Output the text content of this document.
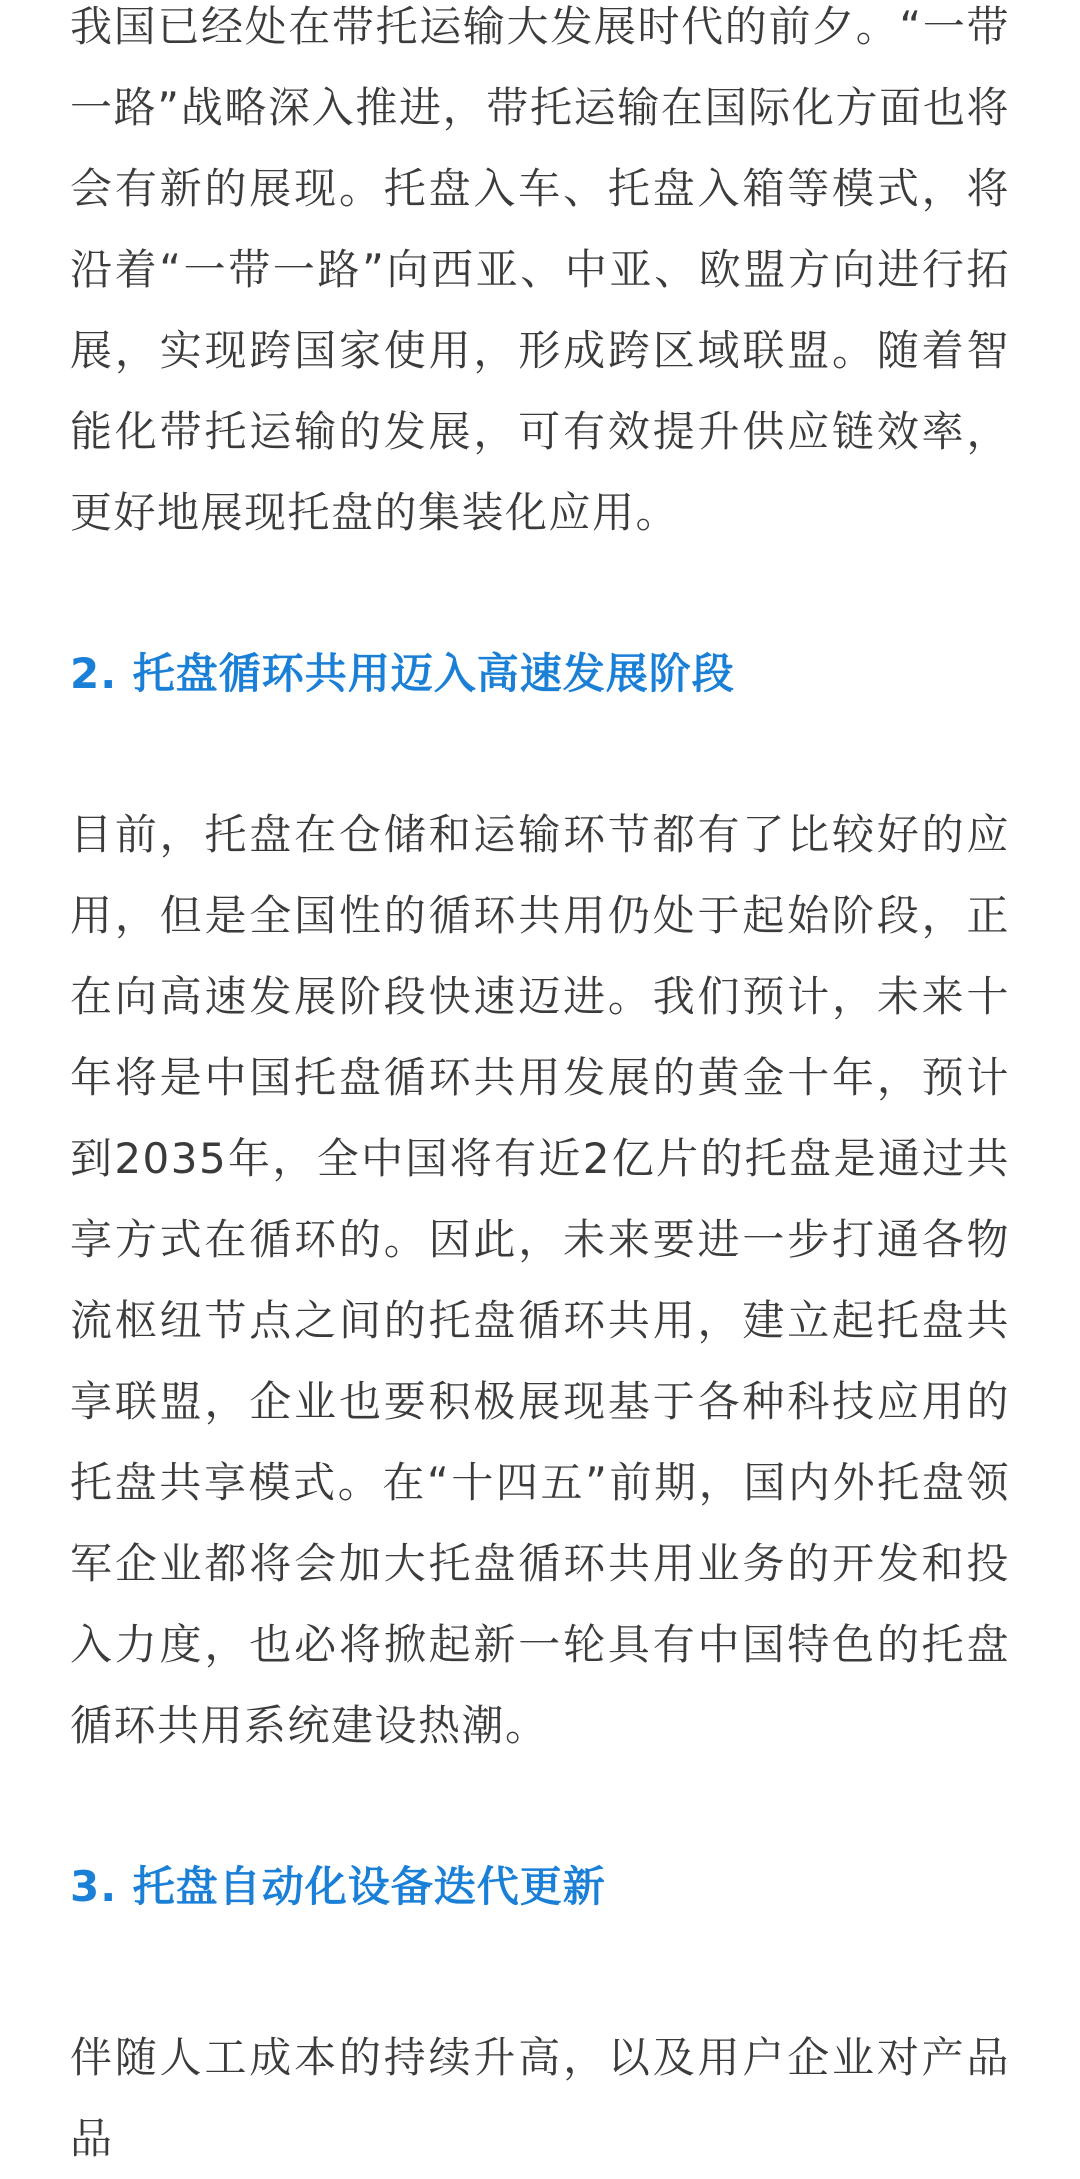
我国已经处在带托运输大发展时代的前夕。“一带一路”战略深入推进，带托运输在国际化方面也将会有新的展现。托盘入车、托盘入箱等模式，将沿着“一带一路”向西亚、中亚、欧盟方向进行拓展，实现跨国家使用，形成跨区域联盟。随着智能化带托运输的发展，可有效提升供应链效率，更好地展现托盘的集装化应用。

2. 托盘循环共用迈入高速发展阶段

目前，托盘在仓储和运输环节都有了比较好的应用，但是全国性的循环共用仍处于起始阶段，正在向高速发展阶段快速迈进。我们预计，未来十年将是中国托盘循环共用发展的黄金十年，预计到2035年，全中国将有近2亿片的托盘是通过共享方式在循环的。因此，未来要进一步打通各物流枢纽节点之间的托盘循环共用，建立起托盘共享联盟，企业也要积极展现基于各种科技应用的托盘共享模式。在“十四五”前期，国内外托盘领军企业都将会加大托盘循环共用业务的开发和投入力度，也必将掀起新一轮具有中国特色的托盘循环共用系统建设热潮。

3. 托盘自动化设备迭代更新

伴随人工成本的持续升高，以及用户企业对产品品
